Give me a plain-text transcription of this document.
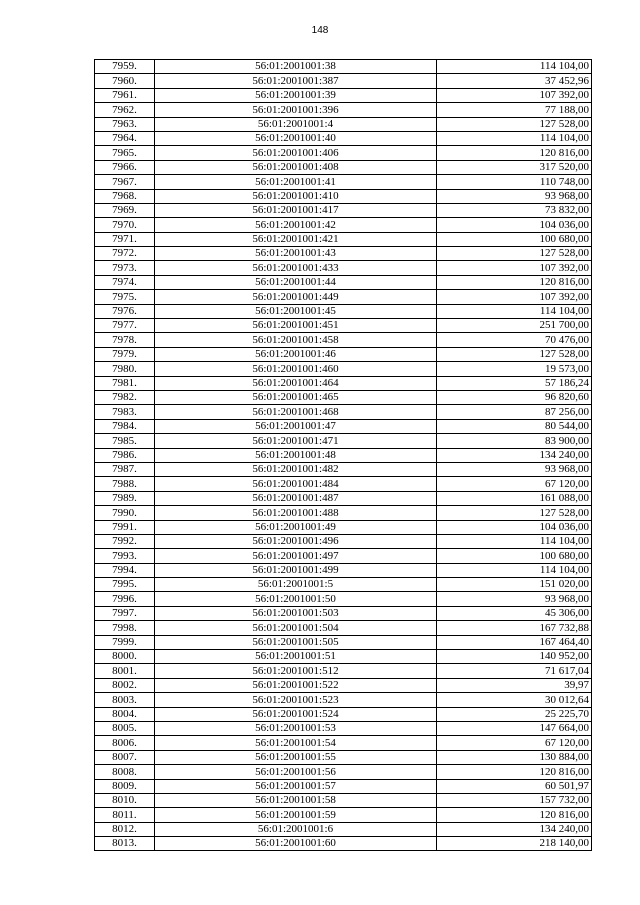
148
7959.	56:01:2001001:38	114 104,00
7960.	56:01:2001001:387	37 452,96
7961.	56:01:2001001:39	107 392,00
7962.	56:01:2001001:396	77 188,00
7963.	56:01:2001001:4	127 528,00
7964.	56:01:2001001:40	114 104,00
7965.	56:01:2001001:406	120 816,00
7966.	56:01:2001001:408	317 520,00
7967.	56:01:2001001:41	110 748,00
7968.	56:01:2001001:410	93 968,00
7969.	56:01:2001001:417	73 832,00
7970.	56:01:2001001:42	104 036,00
7971.	56:01:2001001:421	100 680,00
7972.	56:01:2001001:43	127 528,00
7973.	56:01:2001001:433	107 392,00
7974.	56:01:2001001:44	120 816,00
7975.	56:01:2001001:449	107 392,00
7976.	56:01:2001001:45	114 104,00
7977.	56:01:2001001:451	251 700,00
7978.	56:01:2001001:458	70 476,00
7979.	56:01:2001001:46	127 528,00
7980.	56:01:2001001:460	19 573,00
7981.	56:01:2001001:464	57 186,24
7982.	56:01:2001001:465	96 820,60
7983.	56:01:2001001:468	87 256,00
7984.	56:01:2001001:47	80 544,00
7985.	56:01:2001001:471	83 900,00
7986.	56:01:2001001:48	134 240,00
7987.	56:01:2001001:482	93 968,00
7988.	56:01:2001001:484	67 120,00
7989.	56:01:2001001:487	161 088,00
7990.	56:01:2001001:488	127 528,00
7991.	56:01:2001001:49	104 036,00
7992.	56:01:2001001:496	114 104,00
7993.	56:01:2001001:497	100 680,00
7994.	56:01:2001001:499	114 104,00
7995.	56:01:2001001:5	151 020,00
7996.	56:01:2001001:50	93 968,00
7997.	56:01:2001001:503	45 306,00
7998.	56:01:2001001:504	167 732,88
7999.	56:01:2001001:505	167 464,40
8000.	56:01:2001001:51	140 952,00
8001.	56:01:2001001:512	71 617,04
8002.	56:01:2001001:522	39,97
8003.	56:01:2001001:523	30 012,64
8004.	56:01:2001001:524	25 225,70
8005.	56:01:2001001:53	147 664,00
8006.	56:01:2001001:54	67 120,00
8007.	56:01:2001001:55	130 884,00
8008.	56:01:2001001:56	120 816,00
8009.	56:01:2001001:57	60 501,97
8010.	56:01:2001001:58	157 732,00
8011.	56:01:2001001:59	120 816,00
8012.	56:01:2001001:6	134 240,00
8013.	56:01:2001001:60	218 140,00
